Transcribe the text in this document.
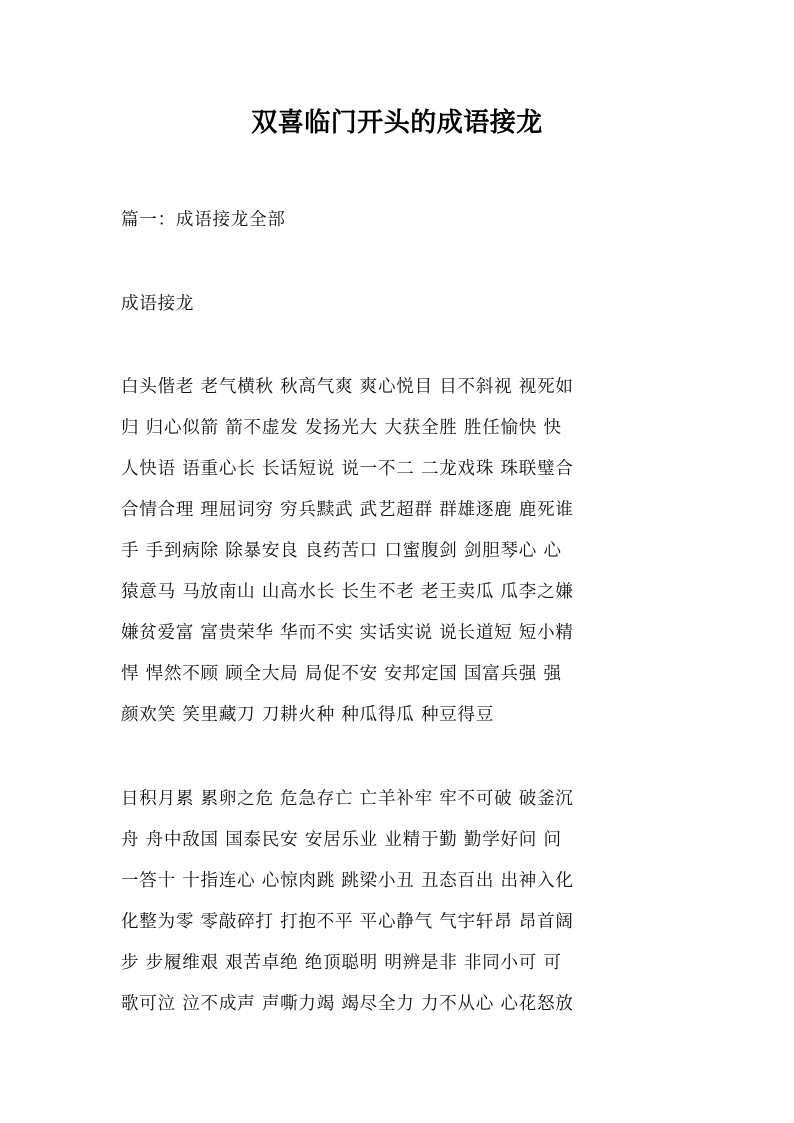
双喜临门开头的成语接龙
篇一：成语接龙全部
成语接龙
白头偕老 老气横秋 秋高气爽 爽心悦目 目不斜视 视死如
归 归心似箭 箭不虚发 发扬光大 大获全胜 胜任愉快 快
人快语 语重心长 长话短说 说一不二 二龙戏珠 珠联璧合
合情合理 理屈词穷 穷兵黩武 武艺超群 群雄逐鹿 鹿死谁
手 手到病除 除暴安良 良药苦口 口蜜腹剑 剑胆琴心 心
猿意马 马放南山 山高水长 长生不老 老王卖瓜 瓜李之嫌
嫌贫爱富 富贵荣华 华而不实 实话实说 说长道短 短小精
悍 悍然不顾 顾全大局 局促不安 安邦定国 国富兵强 强
颜欢笑 笑里藏刀 刀耕火种 种瓜得瓜 种豆得豆
日积月累 累卵之危 危急存亡 亡羊补牢 牢不可破 破釜沉
舟 舟中敌国 国泰民安 安居乐业 业精于勤 勤学好问 问
一答十 十指连心 心惊肉跳 跳梁小丑 丑态百出 出神入化
化整为零 零敲碎打 打抱不平 平心静气 气宇轩昂 昂首阔
步 步履维艰 艰苦卓绝 绝顶聪明 明辨是非 非同小可 可
歌可泣 泣不成声 声嘶力竭 竭尽全力 力不从心 心花怒放
